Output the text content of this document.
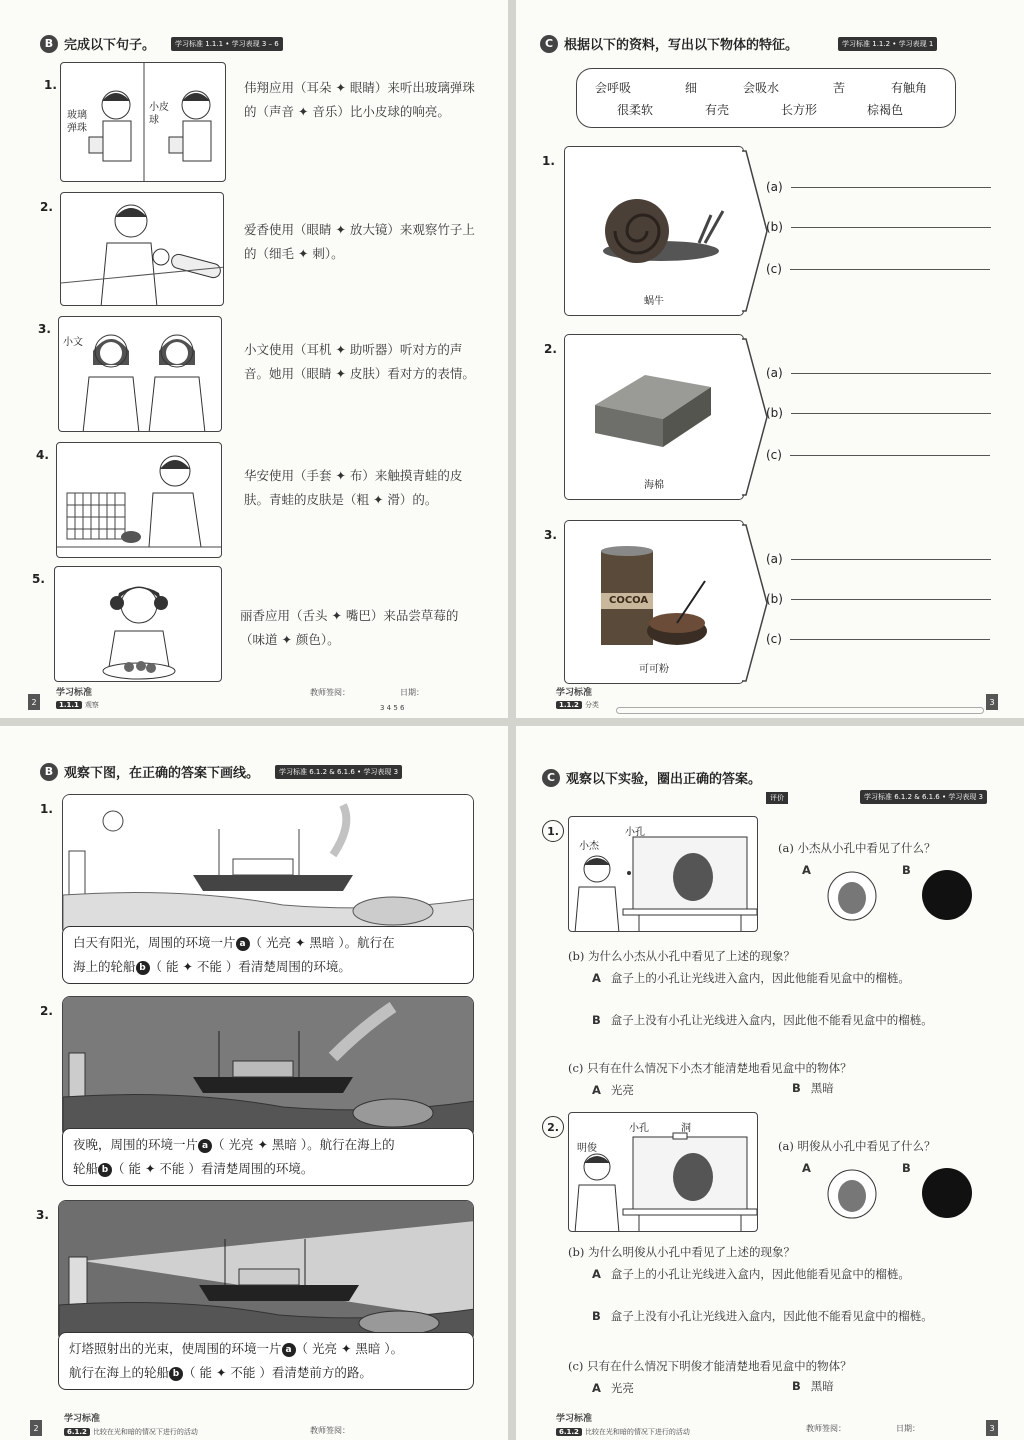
B 完成以下句子。	学习标准 1.1.1 • 学习表现 3 – 6
1.
玻璃弹珠
小皮球
伟翔应用（耳朵 ✦ 眼睛）来听出玻璃弹珠的（声音 ✦ 音乐）比小皮球的响亮。
2.
爱香使用（眼睛 ✦ 放大镜）来观察竹子上的（细毛 ✦ 刺）。
3.
小文	小文使用（耳机 ✦ 助听器）听对方的声音。她用（眼睛 ✦ 皮肤）看对方的表情。
4.
华安使用（手套 ✦ 布）来触摸青蛙的皮肤。青蛙的皮肤是（粗 ✦ 滑）的。
5.
丽香应用（舌头 ✦ 嘴巴）来品尝草莓的（味道 ✦ 颜色）。
2
学习标准
1.1.1 观察
教师签阅：	日期：
3 4 5 6
C 根据以下的资料，写出以下物体的特征。	学习标准 1.1.2 • 学习表现 1
会呼吸	细	会吸水	苦	有触角
很柔软	有壳	长方形	棕褐色
1.
蜗牛
(a)
(b)
(c)
2.
海棉
(a)
(b)
(c)
3.
COCOA
可可粉
(a)
(b)
(c)
学习标准
1.1.2 分类	3
B 观察下图，在正确的答案下画线。	学习标准 6.1.2 & 6.1.6 • 学习表现 3
1.
白天有阳光，周围的环境一片 a （ 光亮 ✦ 黑暗 ）。航行在
海上的轮船 b （ 能 ✦ 不能 ）看清楚周围的环境。
2.
夜晚，周围的环境一片 a （ 光亮 ✦ 黑暗 ）。航行在海上的
轮船 b （ 能 ✦ 不能 ）看清楚周围的环境。
3.
灯塔照射出的光束，使周围的环境一片 a （ 光亮 ✦ 黑暗 ）。
航行在海上的轮船 b （ 能 ✦ 不能 ）看清楚前方的路。
2
学习标准
6.1.2 比较在光和暗的情况下进行的活动	教师签阅：
C 观察以下实验，圈出正确的答案。
评价	学习标准 6.1.2 & 6.1.6 • 学习表现 3
1.
小杰
小孔
(a) 小杰从小孔中看见了什么？
A	B
(b) 为什么小杰从小孔中看见了上述的现象？
A 盒子上的小孔让光线进入盒内，因此他能看见盒中的榴梿。
B 盒子上没有小孔让光线进入盒内，因此他不能看见盒中的榴梿。
(c) 只有在什么情况下小杰才能清楚地看见盒中的物体？
A 光亮	B 黑暗
2.
明俊
小孔	洞
(a) 明俊从小孔中看见了什么？
A	B
(b) 为什么明俊从小孔中看见了上述的现象？
A 盒子上的小孔让光线进入盒内，因此他能看见盒中的榴梿。
B 盒子上没有小孔让光线进入盒内，因此他不能看见盒中的榴梿。
(c) 只有在什么情况下明俊才能清楚地看见盒中的物体？
A 光亮	B 黑暗
学习标准
6.1.2 比较在光和暗的情况下进行的活动	教师签阅：	日期：	3
